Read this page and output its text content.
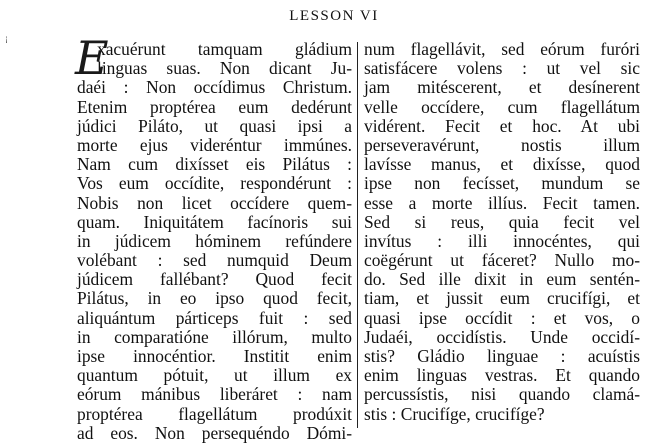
LESSON VI
¡ E
xacuérunt tamquam gládium
linguas suas. Non dicant Ju-
daéi : Non occídimus Christum.
Etenim proptérea eum dedérunt
júdici Piláto, ut quasi ipsi a
morte ejus videréntur immúnes.
Nam cum dixísset eis Pilátus :
Vos eum occídite, respondérunt :
Nobis non licet occídere quem-
quam. Iniquitátem facínoris sui
in júdicem hóminem refúndere
volébant : sed numquid Deum
júdicem fallébant? Quod fecit
Pilátus, in eo ipso quod fecit,
aliquántum párticeps fuit : sed
in comparatióne illórum, multo
ipse innocéntior. Institit enim
quantum pótuit, ut illum ex
eórum mánibus liberáret : nam
proptérea flagellátum prodúxit
ad eos. Non persequéndo Dómi-
num flagellávit, sed eórum furóri
satisfácere volens : ut vel sic
jam mitéscerent, et desínerent
velle occídere, cum flagellátum
vidérent. Fecit et hoc. At ubi
perseveravérunt, nostis illum
lavísse manus, et dixísse, quod
ipse non fecísset, mundum se
esse a morte illíus. Fecit tamen.
Sed si reus, quia fecit vel
invítus : illi innocéntes, qui
coëgérunt ut fáceret? Nullo mo-
do. Sed ille dixit in eum sentén-
tiam, et jussit eum crucifígi, et
quasi ipse occídit : et vos, o
Judaéi, occidístis. Unde occidí-
stis? Gládio linguae : acuístis
enim linguas vestras. Et quando
percussístis, nisi quando clamá-
stis : Crucifíge, crucifíge?
